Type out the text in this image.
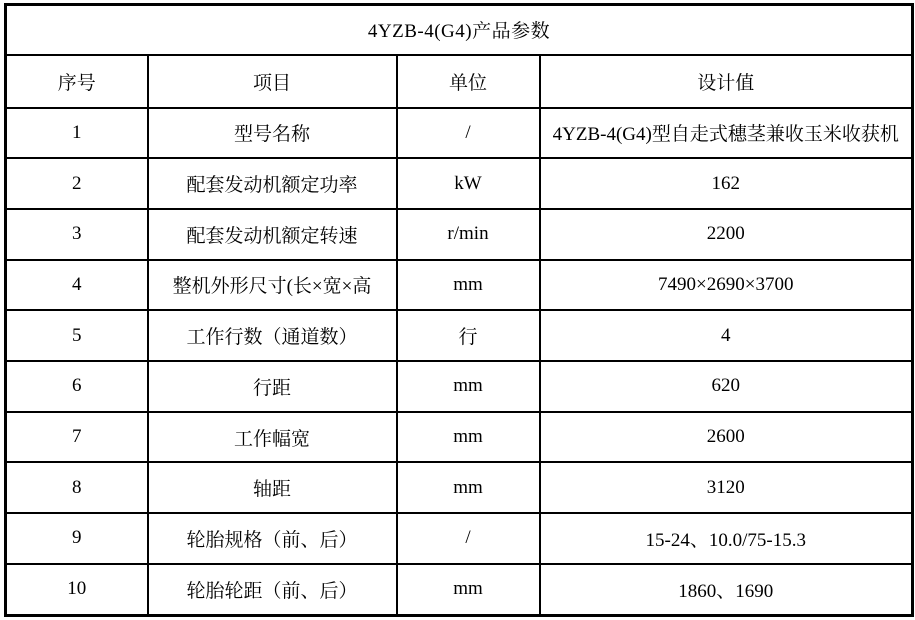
4YZB-4(G4)产品参数			
序号	项目	单位	设计值
1	型号名称	/	4YZB-4(G4)型自走式穗茎兼收玉米收获机
2	配套发动机额定功率	kW	162
3	配套发动机额定转速	r/min	2200
4	整机外形尺寸(长×宽×高	mm	7490×2690×3700
5	工作行数（通道数）	行	4
6	行距	mm	620
7	工作幅宽	mm	2600
8	轴距	mm	3120
9	轮胎规格（前、后）	/	15-24、10.0/75-15.3
10	轮胎轮距（前、后）	mm	1860、1690
